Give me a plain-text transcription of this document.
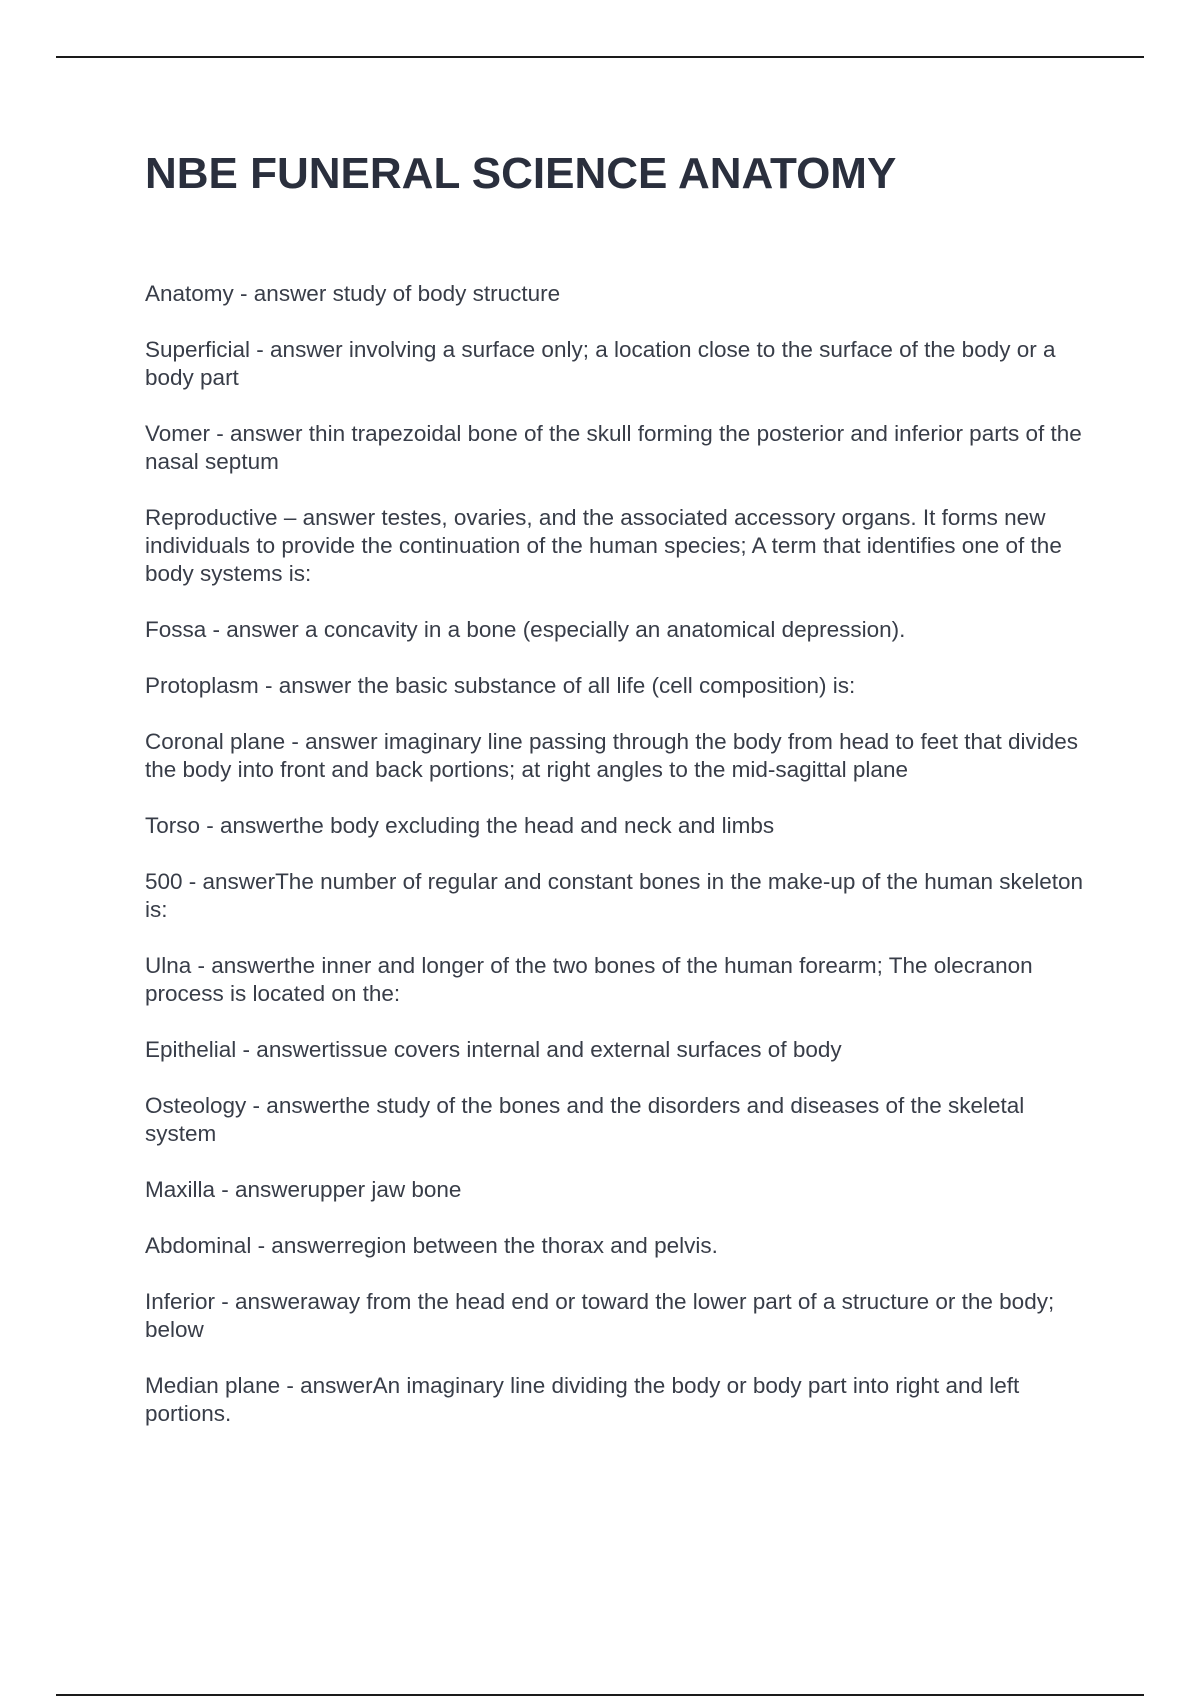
NBE FUNERAL SCIENCE ANATOMY

Anatomy - answer study of body structure

Superficial - answer involving a surface only; a location close to the surface of the body or a body part

Vomer - answer thin trapezoidal bone of the skull forming the posterior and inferior parts of the nasal septum

Reproductive – answer testes, ovaries, and the associated accessory organs. It forms new individuals to provide the continuation of the human species; A term that identifies one of the body systems is:

Fossa - answer a concavity in a bone (especially an anatomical depression).

Protoplasm - answer the basic substance of all life (cell composition) is:

Coronal plane - answer imaginary line passing through the body from head to feet that divides the body into front and back portions; at right angles to the mid-sagittal plane

Torso - answerthe body excluding the head and neck and limbs

500 - answerThe number of regular and constant bones in the make-up of the human skeleton is:

Ulna - answerthe inner and longer of the two bones of the human forearm; The olecranon process is located on the:

Epithelial - answertissue covers internal and external surfaces of body

Osteology - answerthe study of the bones and the disorders and diseases of the skeletal system

Maxilla - answerupper jaw bone

Abdominal - answerregion between the thorax and pelvis.

Inferior - answeraway from the head end or toward the lower part of a structure or the body; below

Median plane - answerAn imaginary line dividing the body or body part into right and left portions.
